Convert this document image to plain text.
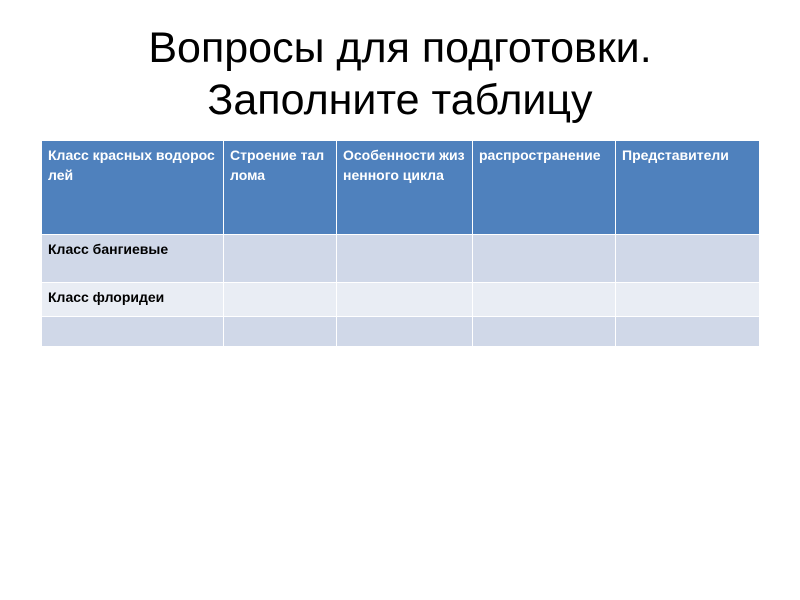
Вопросы для подготовки.
Заполните таблицу
Класс красных водорослей	Строение таллома	Особенности жизненного цикла	распространение	Представители
Класс бангиевые				
Класс флоридеи				
